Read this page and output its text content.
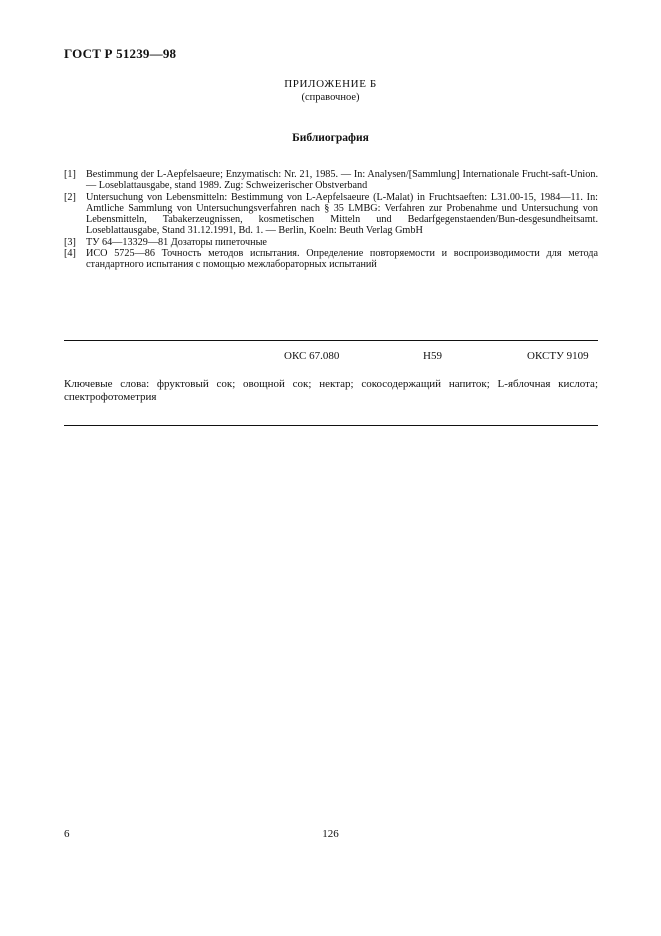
ГОСТ Р 51239—98
ПРИЛОЖЕНИЕ Б
(справочное)
Библиография
[1] Bestimmung der L-Aepfelsaeure; Enzymatisch: Nr. 21, 1985. — In: Analysen/[Sammlung] Internationale Frucht-saft-Union. — Loseblattausgabe, stand 1989. Zug: Schweizerischer Obstverband
[2] Untersuchung von Lebensmitteln: Bestimmung von L-Aepfelsaeure (L-Malat) in Fruchtsaeften: L31.00-15, 1984—11. In: Amtliche Sammlung von Untersuchungsverfahren nach § 35 LMBG: Verfahren zur Probenahme und Untersuchung von Lebensmitteln, Tabakerzeugnissen, kosmetischen Mitteln und Bedarfgegenstaenden/Bun-desgesundheitsamt. Loseblattausgabe, Stand 31.12.1991, Bd. 1. — Berlin, Koeln: Beuth Verlag GmbH
[3] ТУ 64—13329—81 Дозаторы пипеточные
[4] ИСО 5725—86 Точность методов испытания. Определение повторяемости и воспроизводимости для метода стандартного испытания с помощью межлабораторных испытаний
ОКС 67.080	Н59	ОКСТУ 9109
Ключевые слова: фруктовый сок; овощной сок; нектар; сокосодержащий напиток; L-яблочная кислота; спектрофотометрия
6	126
